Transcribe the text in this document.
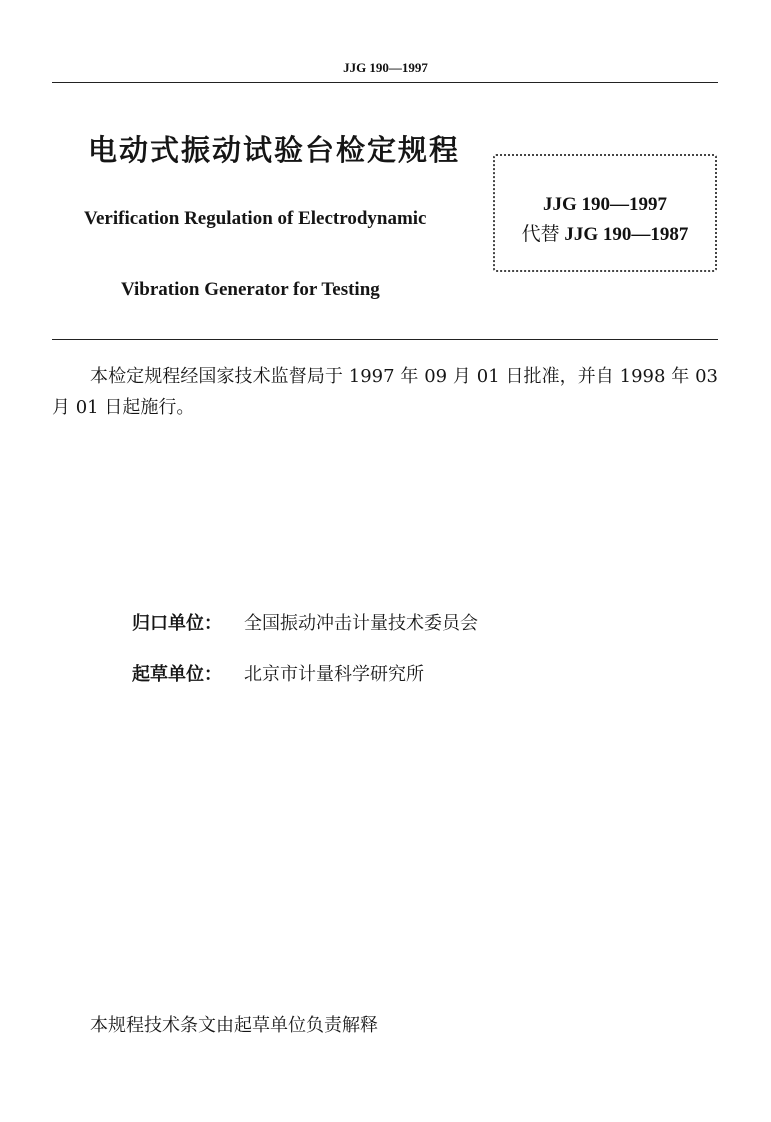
JJG 190—1997
电动式振动试验台检定规程
Verification Regulation of Electrodynamic
Vibration Generator for Testing
JJG 190—1997
代替 JJG 190—1987
本检定规程经国家技术监督局于 1997 年 09 月 01 日批准，并自 1998 年 03 月 01 日起施行。
归口单位： 全国振动冲击计量技术委员会
起草单位： 北京市计量科学研究所
本规程技术条文由起草单位负责解释
